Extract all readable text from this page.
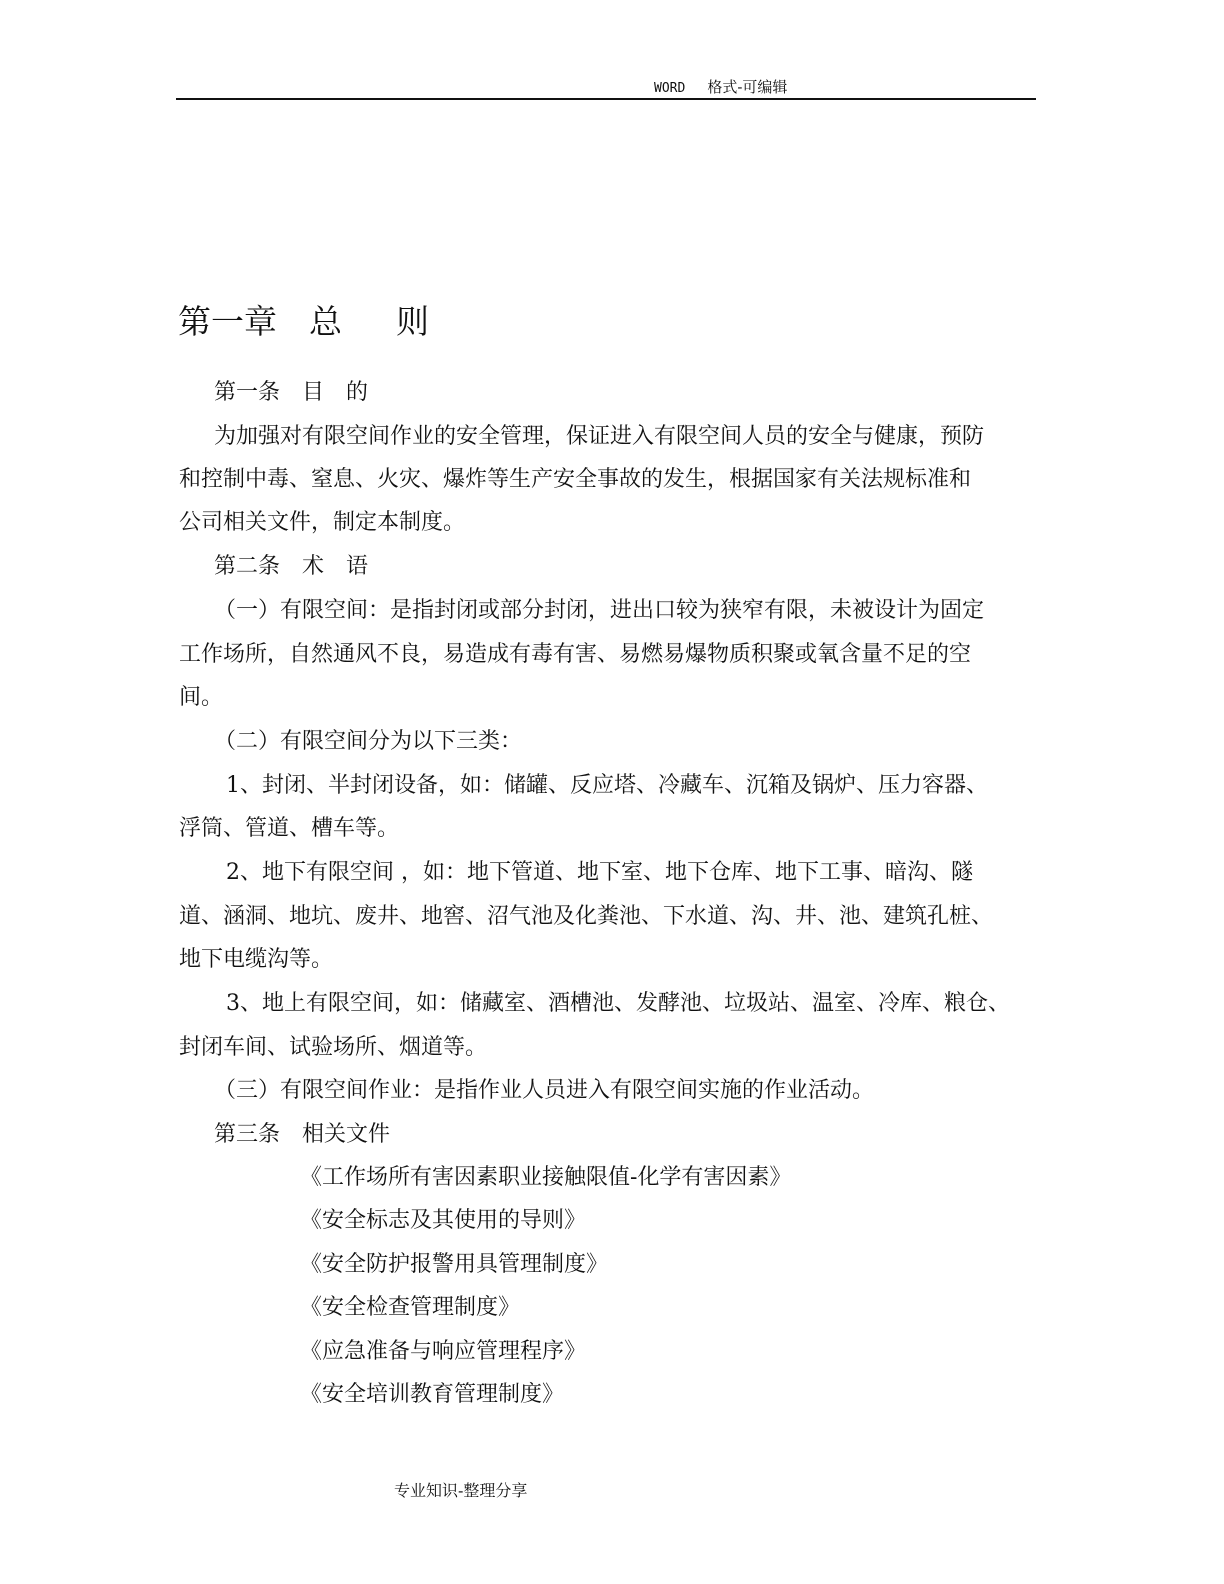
WORD 格式-可编辑
第一章 总 则
第一条 目 的
为加强对有限空间作业的安全管理，保证进入有限空间人员的安全与健康，预防
和控制中毒、窒息、火灾、爆炸等生产安全事故的发生，根据国家有关法规标准和
公司相关文件，制定本制度。
第二条 术 语
（一）有限空间：是指封闭或部分封闭，进出口较为狭窄有限，未被设计为固定
工作场所，自然通风不良，易造成有毒有害、易燃易爆物质积聚或氧含量不足的空
间。
（二）有限空间分为以下三类：
1、封闭、半封闭设备，如：储罐、反应塔、冷藏车、沉箱及锅炉、压力容器、
浮筒、管道、槽车等。
2、地下有限空间 ，如：地下管道、地下室、地下仓库、地下工事、暗沟、隧
道、涵洞、地坑、废井、地窖、沼气池及化粪池、下水道、沟、井、池、建筑孔桩、
地下电缆沟等。
3、地上有限空间，如：储藏室、酒槽池、发酵池、垃圾站、温室、冷库、粮仓、
封闭车间、试验场所、烟道等。
（三）有限空间作业：是指作业人员进入有限空间实施的作业活动。
第三条 相关文件
《工作场所有害因素职业接触限值-化学有害因素》
《安全标志及其使用的导则》
《安全防护报警用具管理制度》
《安全检查管理制度》
《应急准备与响应管理程序》
《安全培训教育管理制度》
专业知识-整理分享
